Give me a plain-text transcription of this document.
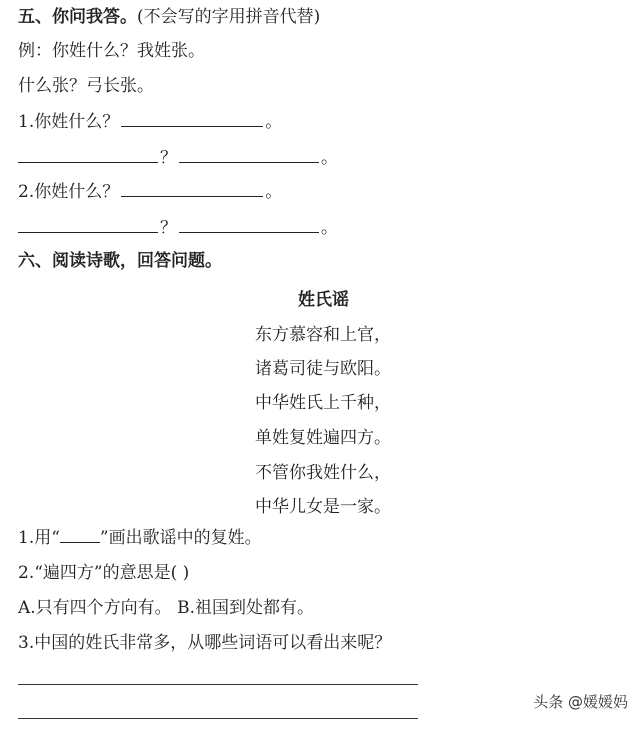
五、你问我答。(不会写的字用拼音代替)
例：你姓什么？我姓张。
什么张？弓长张。
1.你姓什么？	。
？	。
2.你姓什么？	。
？	。
六、阅读诗歌，回答问题。
姓氏谣
东方慕容和上官，
诸葛司徒与欧阳。
中华姓氏上千种，
单姓复姓遍四方。
不管你我姓什么，
中华儿女是一家。
1.用“ ”画出歌谣中的复姓。
2.“遍四方”的意思是( )
A.只有四个方向有。 B.祖国到处都有。
3.中国的姓氏非常多，从哪些词语可以看出来呢？
头条 @媛媛妈
